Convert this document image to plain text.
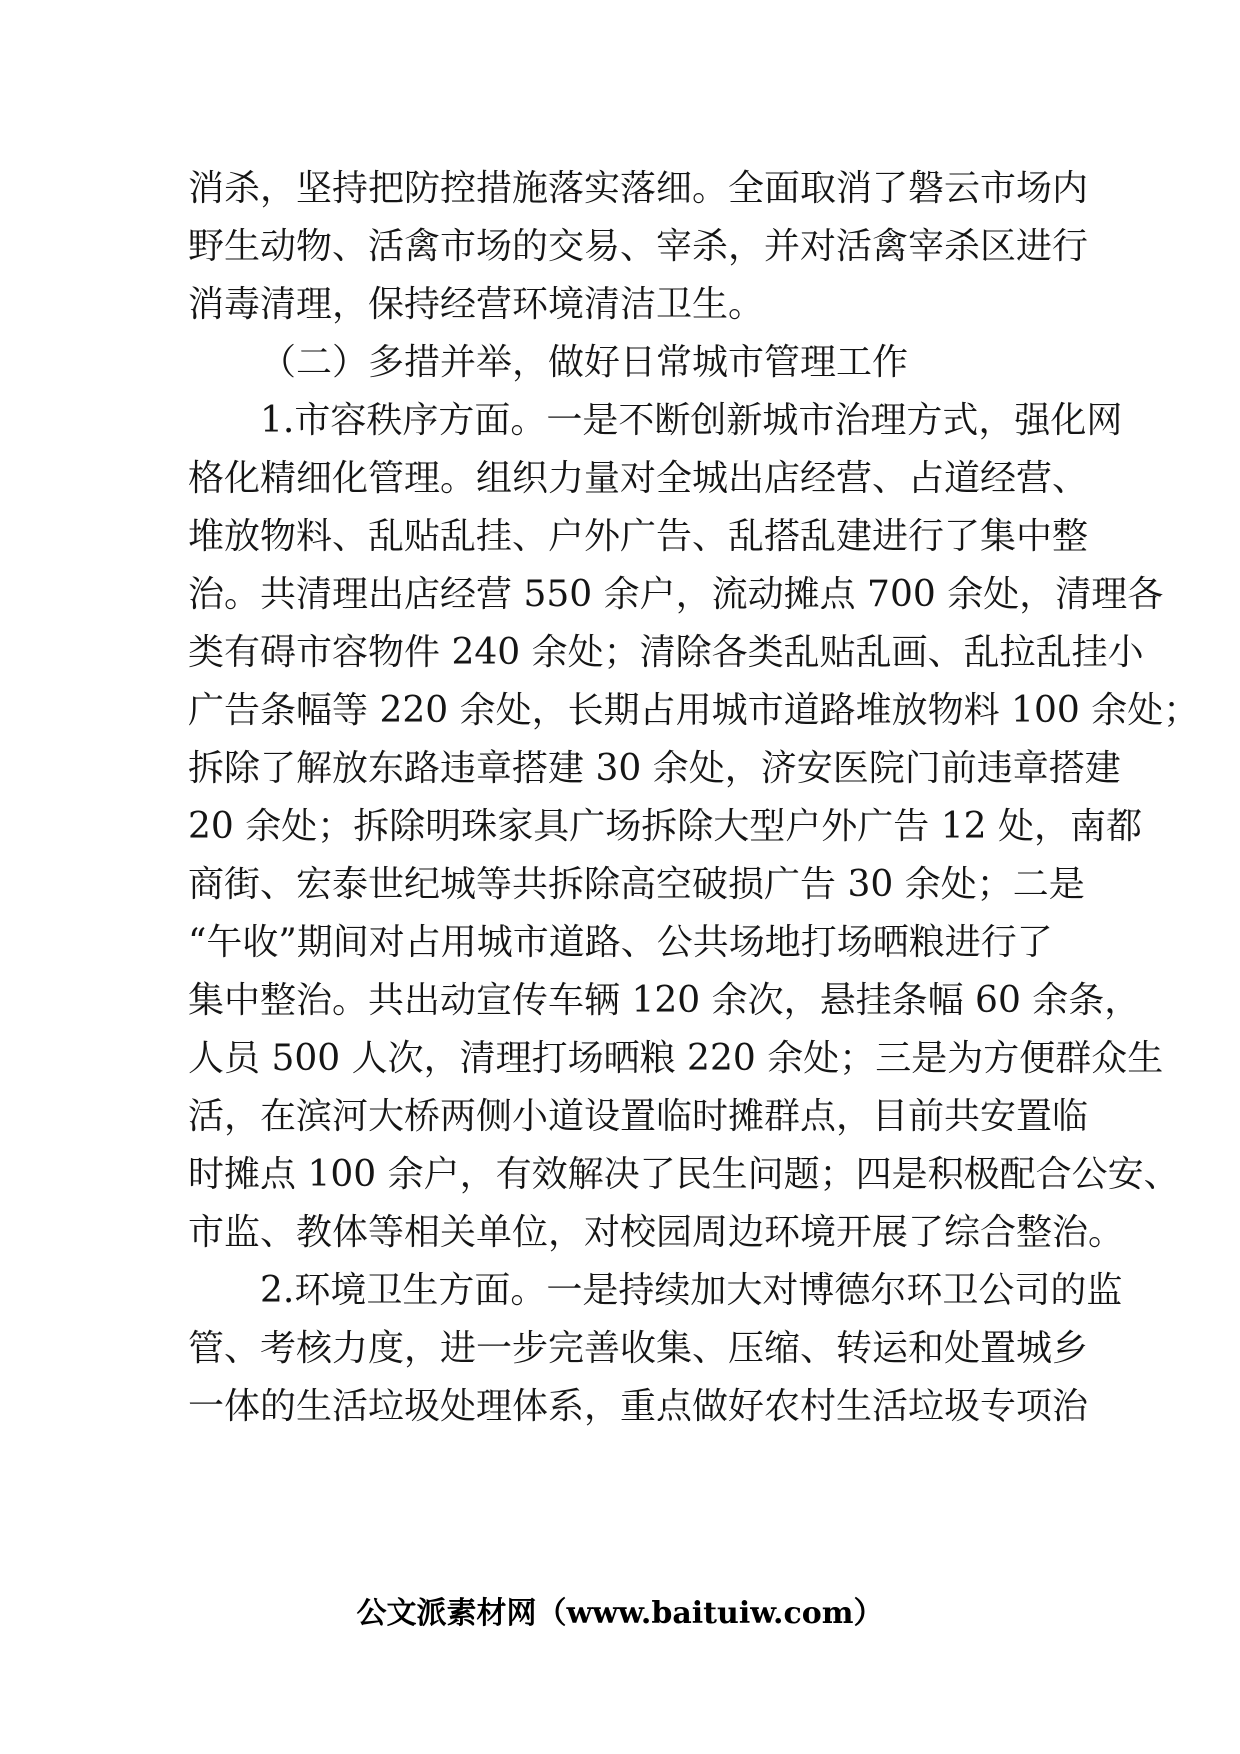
消杀，坚持把防控措施落实落细。全面取消了磐云市场内
野生动物、活禽市场的交易、宰杀，并对活禽宰杀区进行
消毒清理，保持经营环境清洁卫生。
（二）多措并举，做好日常城市管理工作
1.市容秩序方面。一是不断创新城市治理方式，强化网
格化精细化管理。组织力量对全城出店经营、占道经营、
堆放物料、乱贴乱挂、户外广告、乱搭乱建进行了集中整
治。共清理出店经营 550 余户，流动摊点 700 余处，清理各
类有碍市容物件 240 余处；清除各类乱贴乱画、乱拉乱挂小
广告条幅等 220 余处，长期占用城市道路堆放物料 100 余处；
拆除了解放东路违章搭建 30 余处，济安医院门前违章搭建
20 余处；拆除明珠家具广场拆除大型户外广告 12 处，南都
商街、宏泰世纪城等共拆除高空破损广告 30 余处；二是
“午收”期间对占用城市道路、公共场地打场晒粮进行了
集中整治。共出动宣传车辆 120 余次，悬挂条幅 60 余条，
人员 500 人次，清理打场晒粮 220 余处；三是为方便群众生
活，在滨河大桥两侧小道设置临时摊群点，目前共安置临
时摊点 100 余户，有效解决了民生问题；四是积极配合公安、
市监、教体等相关单位，对校园周边环境开展了综合整治。
2.环境卫生方面。一是持续加大对博德尔环卫公司的监
管、考核力度，进一步完善收集、压缩、转运和处置城乡
一体的生活垃圾处理体系，重点做好农村生活垃圾专项治
公文派素材网（www.baituiw.com）
